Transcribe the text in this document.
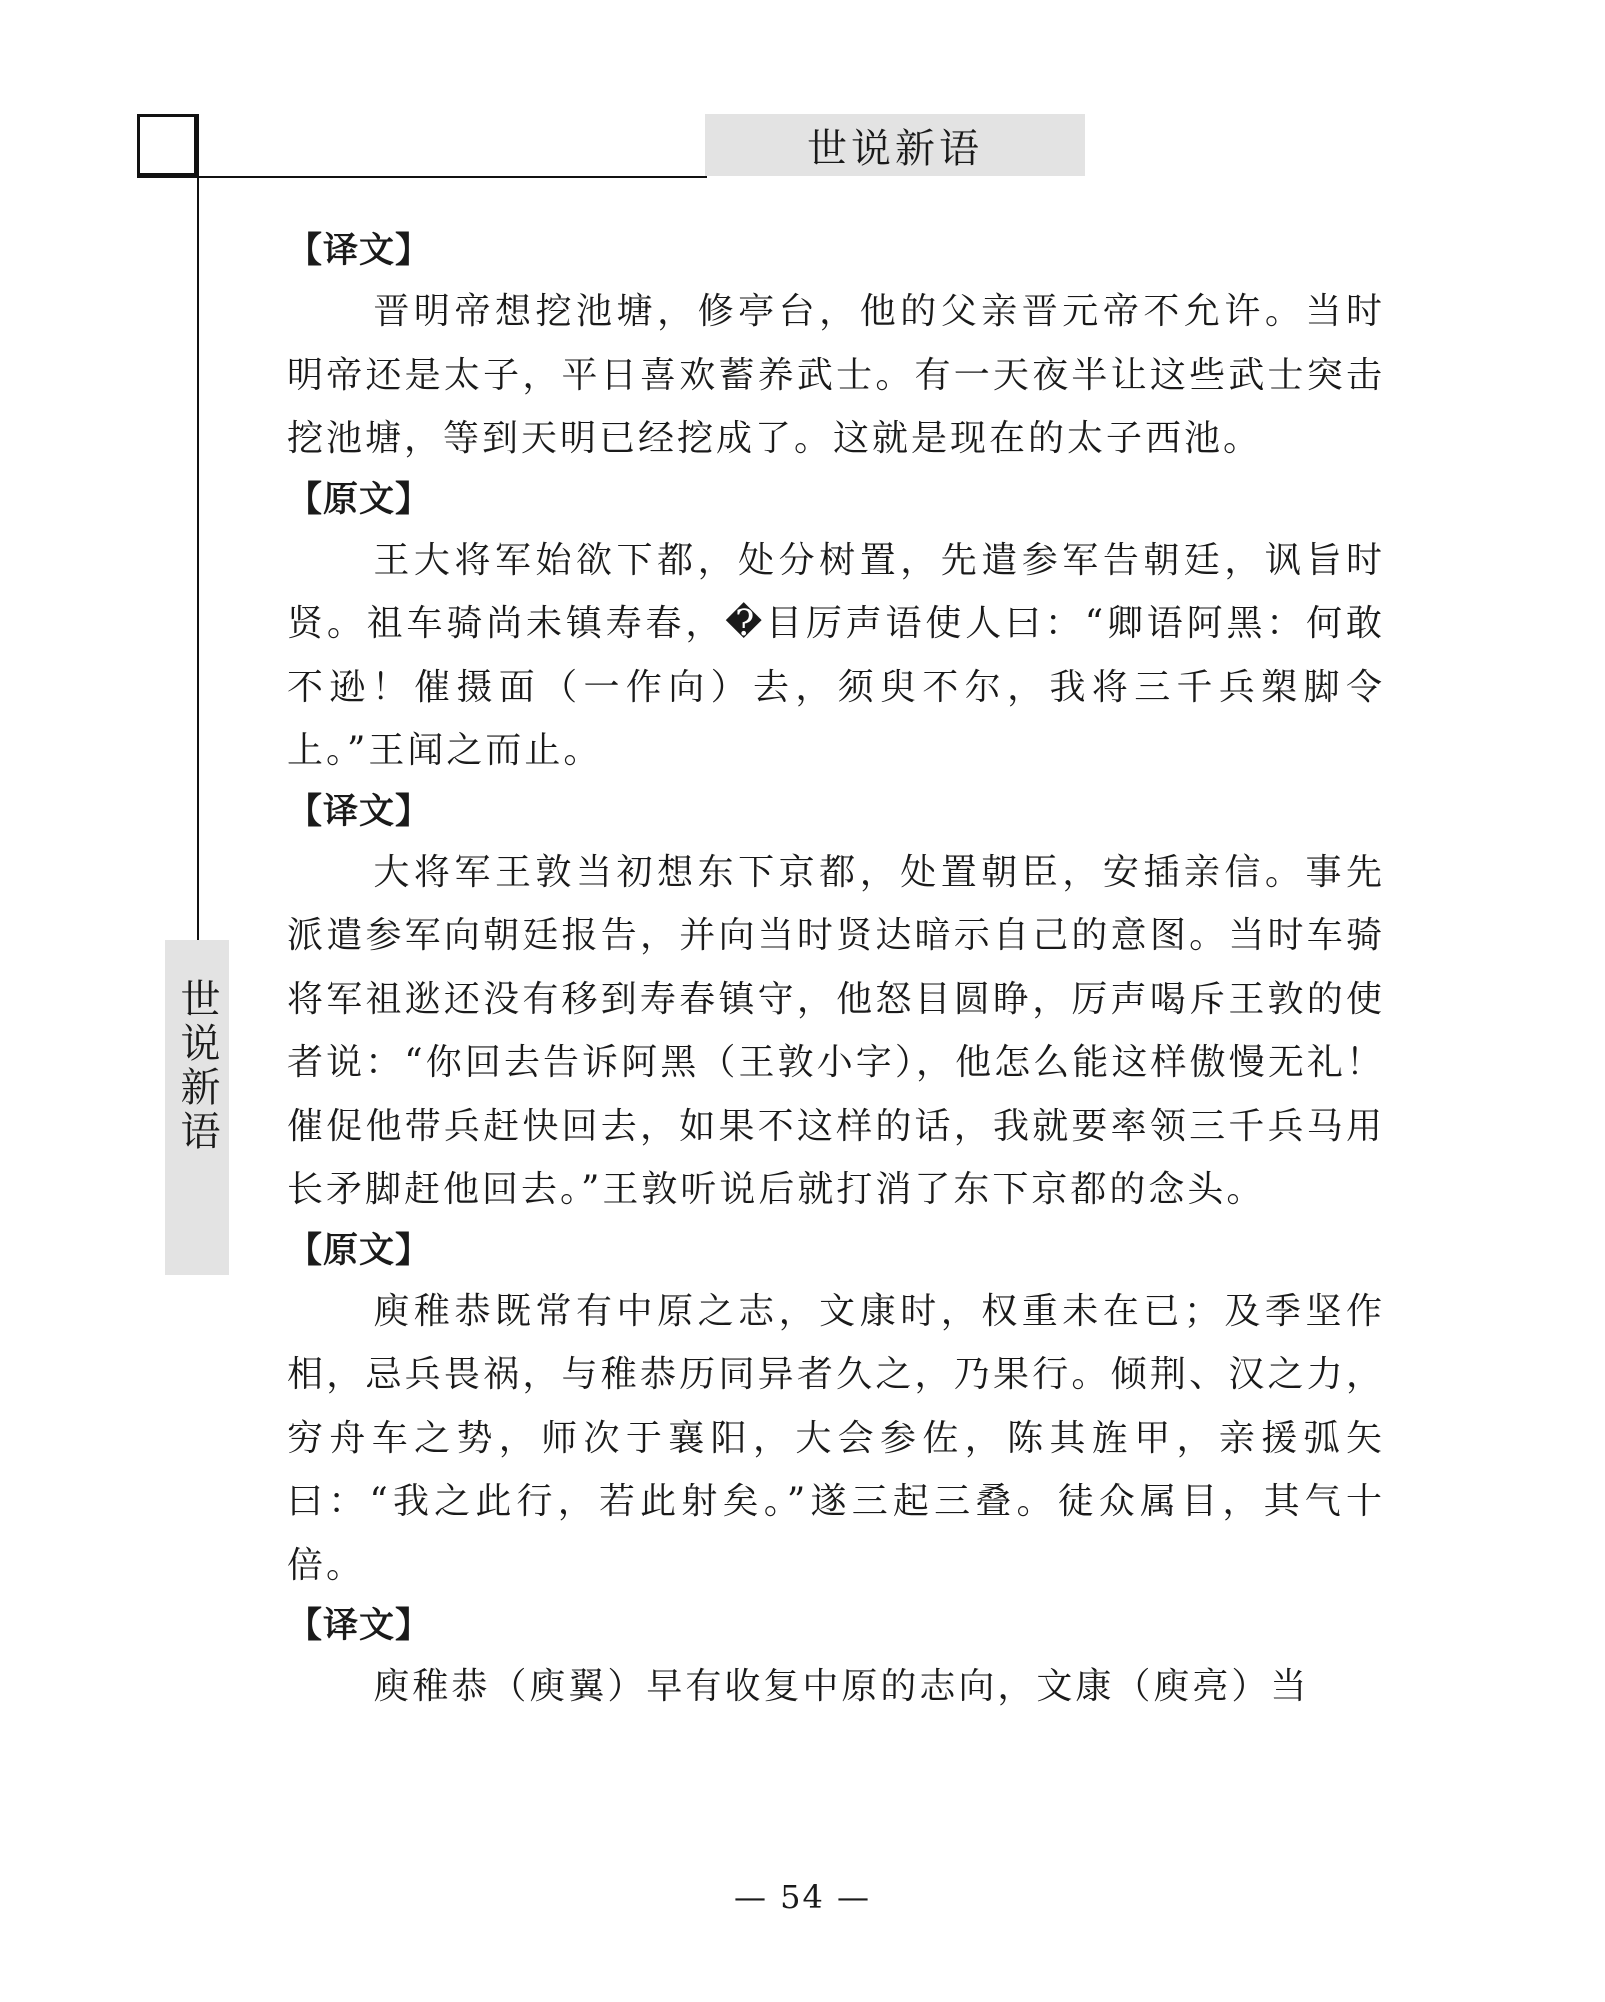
世说新语
世说新语
【译文】

晋明帝想挖池塘，修亭台，他的父亲晋元帝不允许。当时明帝还是太子，平日喜欢蓄养武士。有一天夜半让这些武士突击挖池塘，等到天明已经挖成了。这就是现在的太子西池。

【原文】

王大将军始欲下都，处分树置，先遣参军告朝廷，讽旨时贤。祖车骑尚未镇寿春，�目厉声语使人曰：“卿语阿黑：何敢不逊！催摄面（一作向）去，须臾不尔，我将三千兵槊脚令上。”王闻之而止。

【译文】

大将军王敦当初想东下京都，处置朝臣，安插亲信。事先派遣参军向朝廷报告，并向当时贤达暗示自己的意图。当时车骑将军祖逖还没有移到寿春镇守，他怒目圆睁，厉声喝斥王敦的使者说：“你回去告诉阿黑（王敦小字），他怎么能这样傲慢无礼！催促他带兵赶快回去，如果不这样的话，我就要率领三千兵马用长矛脚赶他回去。”王敦听说后就打消了东下京都的念头。

【原文】

庾稚恭既常有中原之志，文康时，权重未在已；及季坚作相，忌兵畏祸，与稚恭历同异者久之，乃果行。倾荆、汉之力，穷舟车之势，师次于襄阳，大会参佐，陈其旌甲，亲援弧矢曰：“我之此行，若此射矣。”遂三起三叠。徒众属目，其气十倍。

【译文】

庾稚恭（庾翼）早有收复中原的志向，文康（庾亮）当

— 54 —
